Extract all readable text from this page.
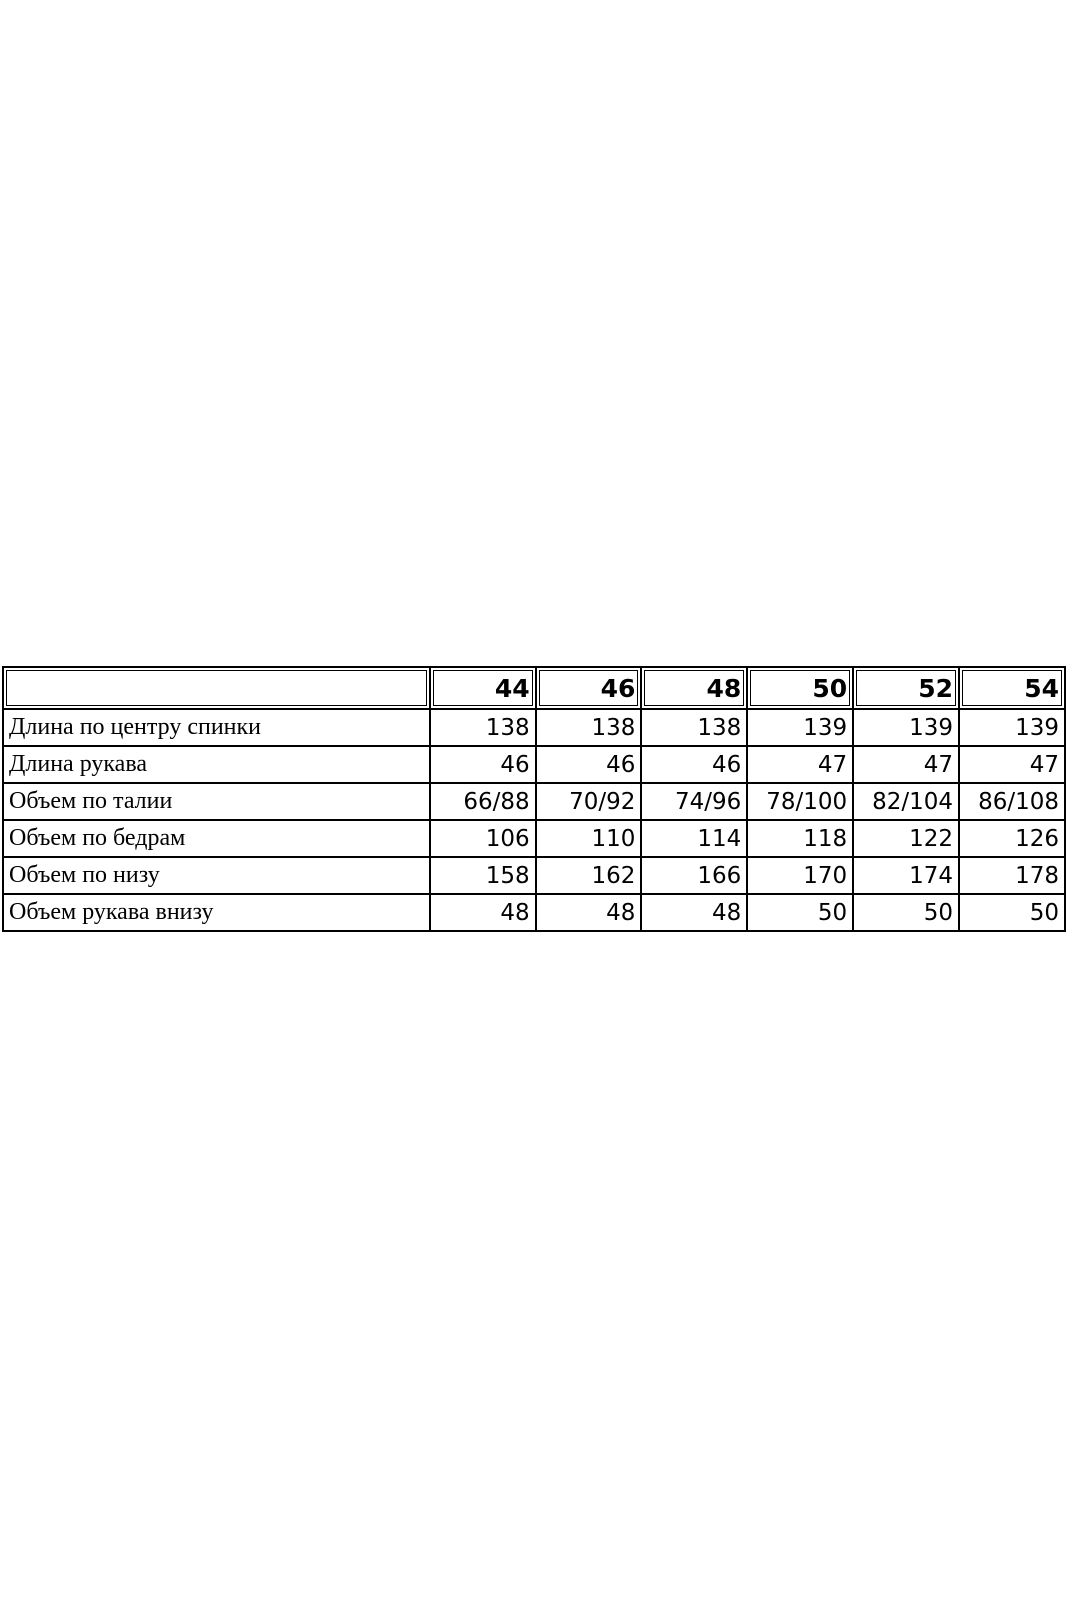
	44	46	48	50	52	54
Длина по центру спинки	138	138	138	139	139	139
Длина рукава	46	46	46	47	47	47
Объем по талии	66/88	70/92	74/96	78/100	82/104	86/108
Объем по бедрам	106	110	114	118	122	126
Объем по низу	158	162	166	170	174	178
Объем рукава внизу	48	48	48	50	50	50
